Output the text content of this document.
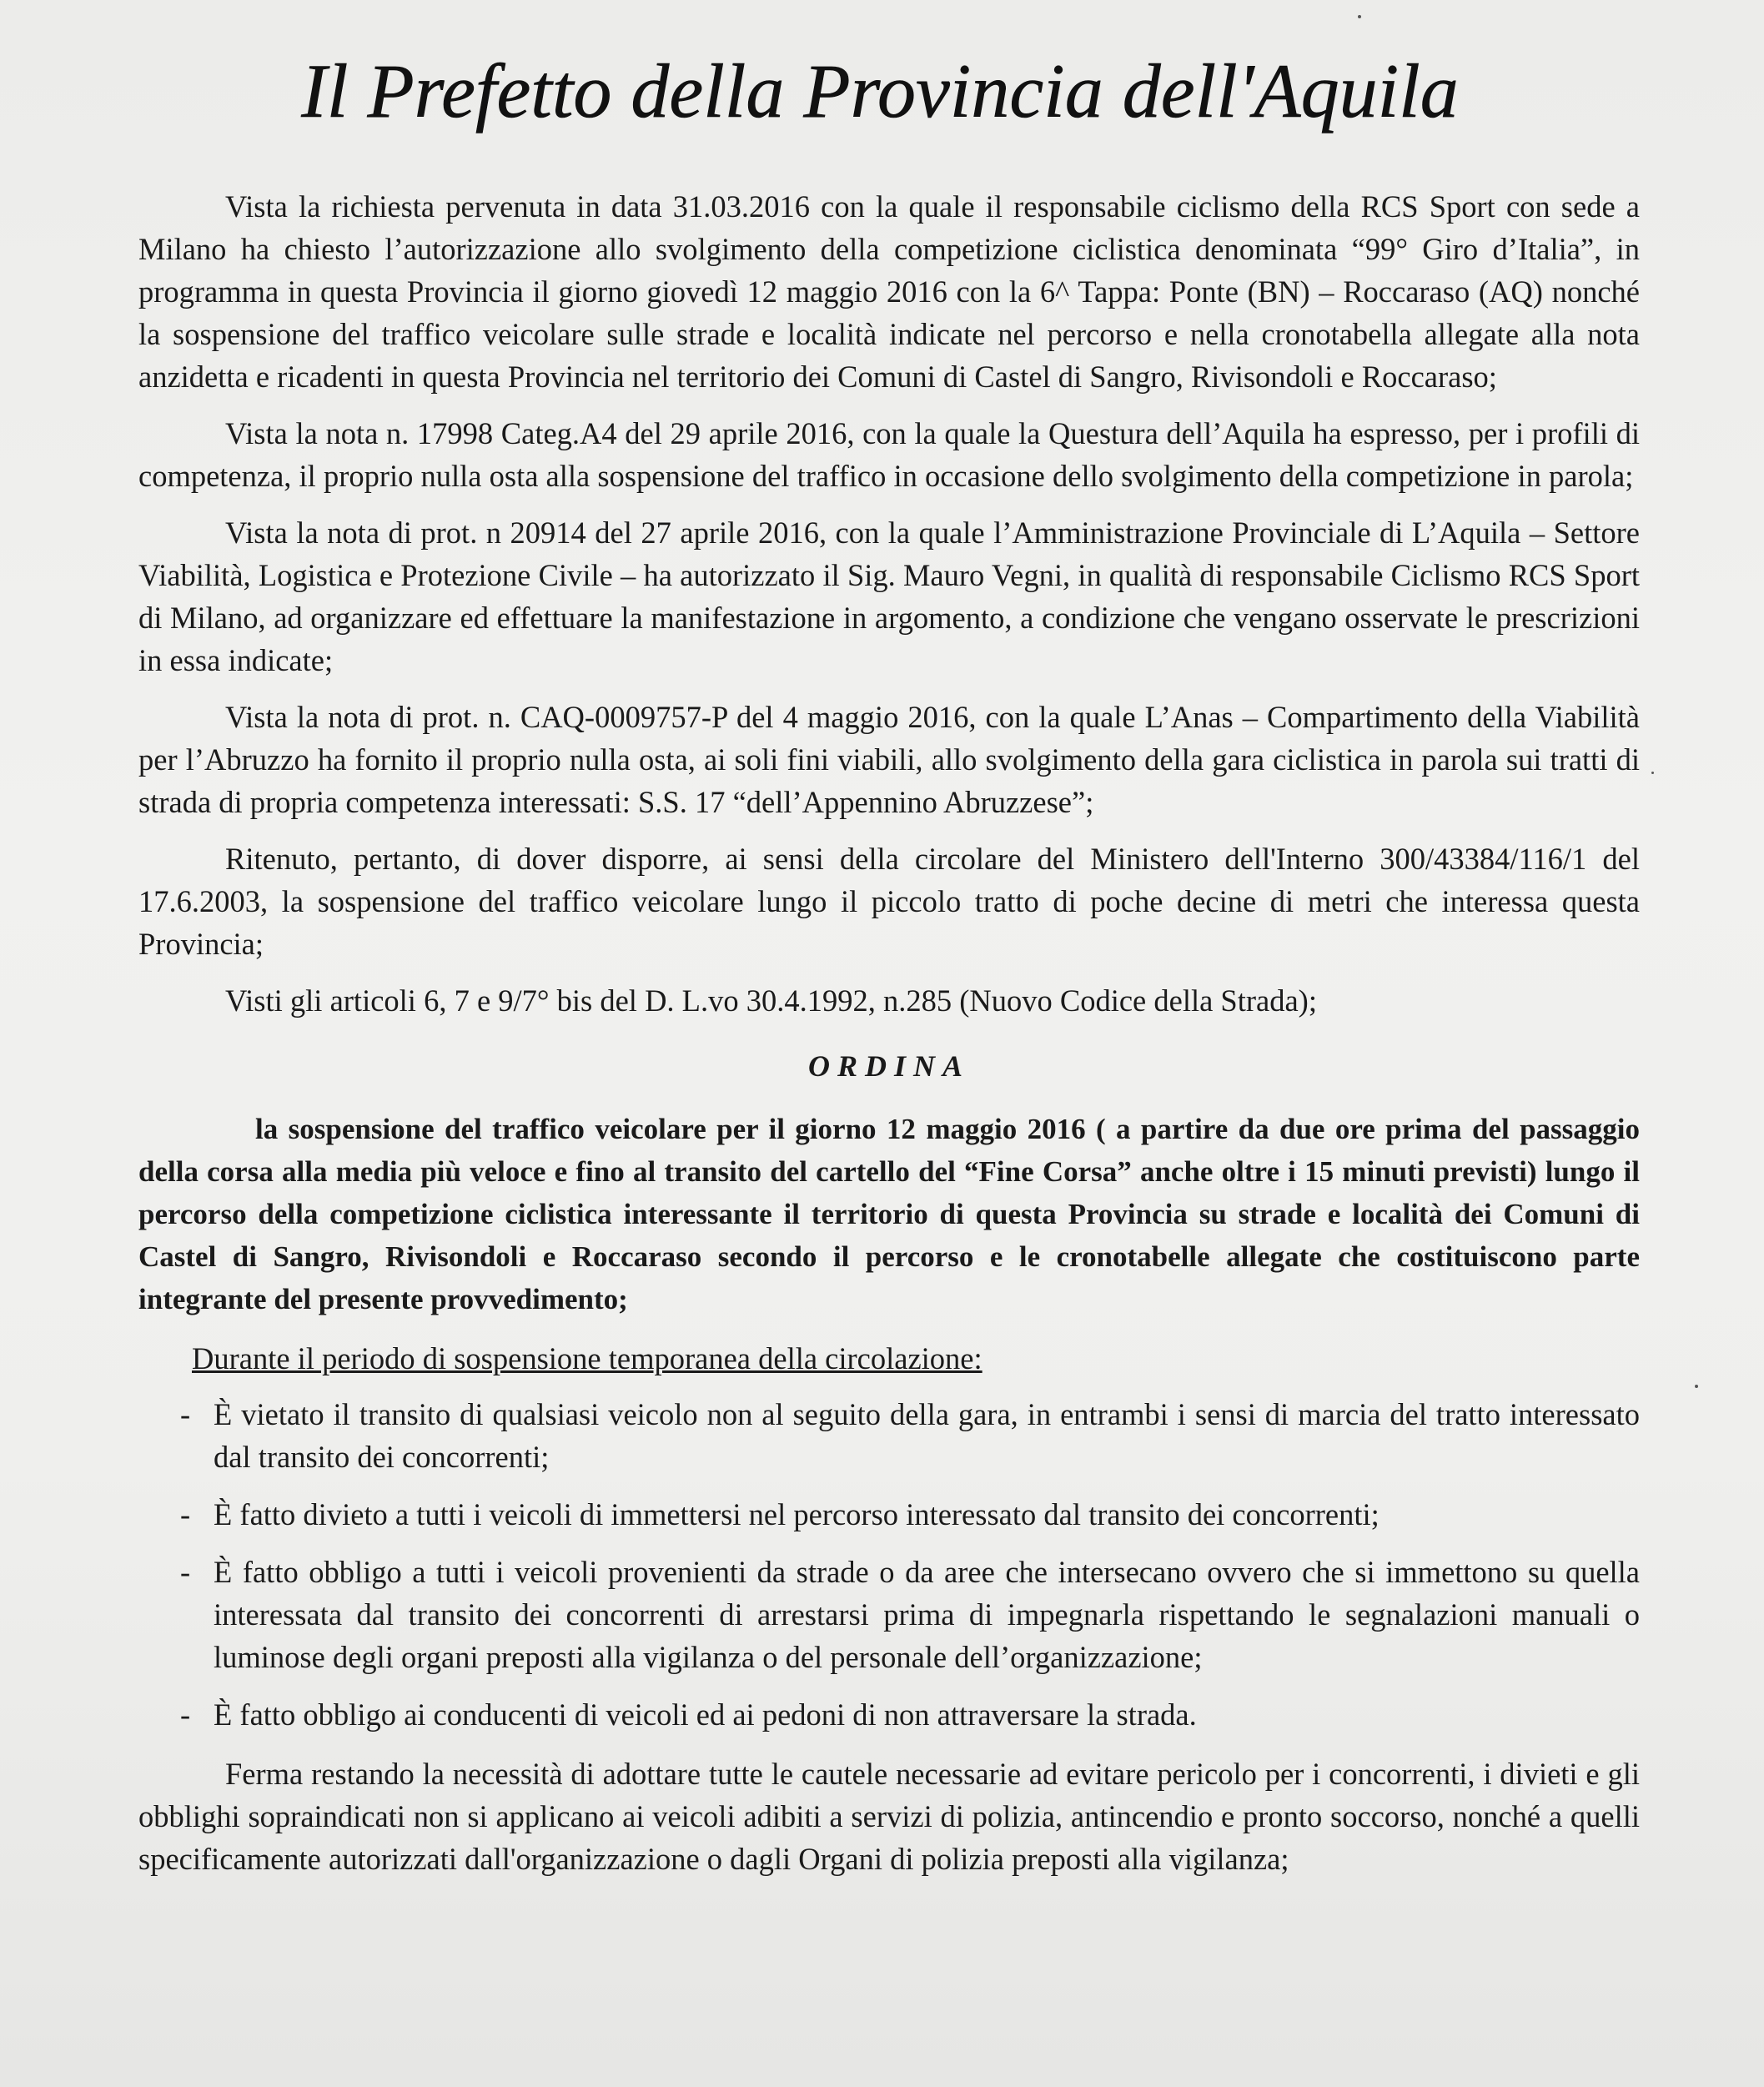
Il Prefetto della Provincia dell'Aquila

Vista la richiesta pervenuta in data 31.03.2016 con la quale il responsabile ciclismo della RCS Sport con sede a Milano ha chiesto l’autorizzazione allo svolgimento della competizione ciclistica denominata “99° Giro d’Italia”, in programma in questa Provincia il giorno giovedì 12 maggio 2016 con la 6^ Tappa: Ponte (BN) – Roccaraso (AQ) nonché la sospensione del traffico veicolare sulle strade e località indicate nel percorso e nella cronotabella allegate alla nota anzidetta e ricadenti in questa Provincia nel territorio dei Comuni di Castel di Sangro, Rivisondoli e Roccaraso;

Vista la nota n. 17998 Categ.A4 del 29 aprile 2016, con la quale la Questura dell’Aquila ha espresso, per i profili di competenza, il proprio nulla osta alla sospensione del traffico in occasione dello svolgimento della competizione in parola;

Vista la nota di prot. n 20914 del 27 aprile 2016, con la quale l’Amministrazione Provinciale di L’Aquila – Settore Viabilità, Logistica e Protezione Civile – ha autorizzato il Sig. Mauro Vegni, in qualità di responsabile Ciclismo RCS Sport di Milano, ad organizzare ed effettuare la manifestazione in argomento, a condizione che vengano osservate le prescrizioni in essa indicate;

Vista la nota di prot. n. CAQ-0009757-P del 4 maggio 2016, con la quale L’Anas – Compartimento della Viabilità per l’Abruzzo ha fornito il proprio nulla osta, ai soli fini viabili, allo svolgimento della gara ciclistica in parola sui tratti di strada di propria competenza interessati: S.S. 17 “dell’Appennino Abruzzese”;

Ritenuto, pertanto, di dover disporre, ai sensi della circolare del Ministero dell'Interno 300/43384/116/1 del 17.6.2003, la sospensione del traffico veicolare lungo il piccolo tratto di poche decine di metri che interessa questa Provincia;

Visti gli articoli 6, 7 e 9/7° bis del D. L.vo 30.4.1992, n.285 (Nuovo Codice della Strada);

ORDINA

la sospensione del traffico veicolare per il giorno 12 maggio 2016 ( a partire da due ore prima del passaggio della corsa alla media più veloce e fino al transito del cartello del “Fine Corsa” anche oltre i 15 minuti previsti) lungo il percorso della competizione ciclistica interessante il territorio di questa Provincia su strade e località dei Comuni di Castel di Sangro, Rivisondoli e Roccaraso secondo il percorso e le cronotabelle allegate che costituiscono parte integrante del presente provvedimento;

Durante il periodo di sospensione temporanea della circolazione:

- È vietato il transito di qualsiasi veicolo non al seguito della gara, in entrambi i sensi di marcia del tratto interessato dal transito dei concorrenti;
- È fatto divieto a tutti i veicoli di immettersi nel percorso interessato dal transito dei concorrenti;
- È fatto obbligo a tutti i veicoli provenienti da strade o da aree che intersecano ovvero che si immettono su quella interessata dal transito dei concorrenti di arrestarsi prima di impegnarla rispettando le segnalazioni manuali o luminose degli organi preposti alla vigilanza o del personale dell’organizzazione;
- È fatto obbligo ai conducenti di veicoli ed ai pedoni di non attraversare la strada.

Ferma restando la necessità di adottare tutte le cautele necessarie ad evitare pericolo per i concorrenti, i divieti e gli obblighi sopraindicati non si applicano ai veicoli adibiti a servizi di polizia, antincendio e pronto soccorso, nonché a quelli specificamente autorizzati dall'organizzazione o dagli Organi di polizia preposti alla vigilanza;
